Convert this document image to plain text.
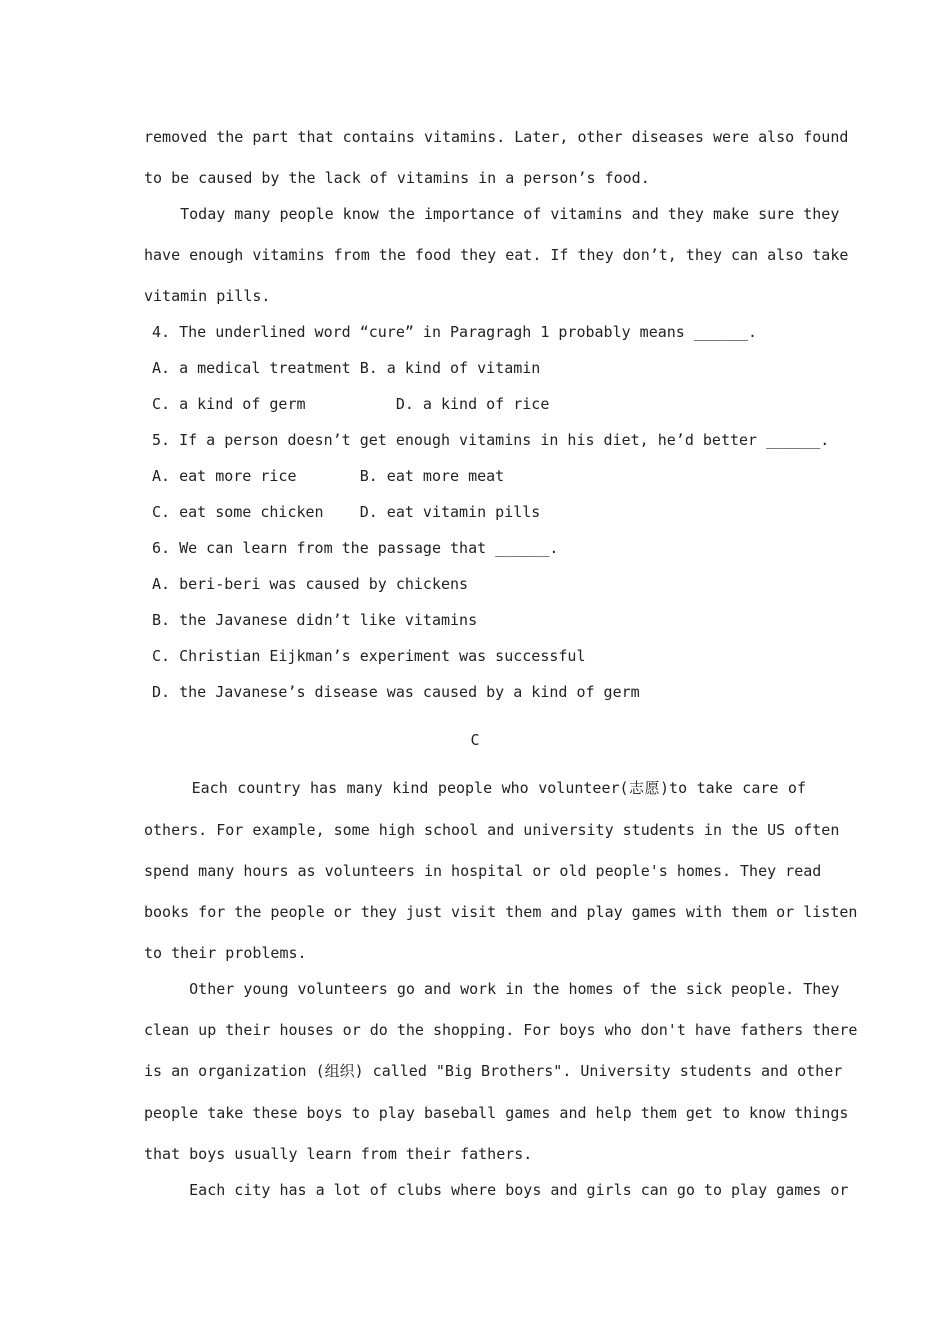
removed the part that contains vitamins. Later, other diseases were also found
to be caused by the lack of vitamins in a person’s food.
Today many people know the importance of vitamins and they make sure they
have enough vitamins from the food they eat. If they don’t, they can also take
vitamin pills.
4. The underlined word “cure” in Paragragh 1 probably means ______.
A. a medical treatment B. a kind of vitamin
C. a kind of germ          D. a kind of rice
5. If a person doesn’t get enough vitamins in his diet, he’d better ______.
A. eat more rice       B. eat more meat
C. eat some chicken    D. eat vitamin pills
6. We can learn from the passage that ______.
A. beri-beri was caused by chickens
B. the Javanese didn’t like vitamins
C. Christian Eijkman’s experiment was successful
D. the Javanese’s disease was caused by a kind of germ
C
Each country has many kind people who volunteer(志愿)to take care of
others. For example, some high school and university students in the US often
spend many hours as volunteers in hospital or old people's homes. They read
books for the people or they just visit them and play games with them or listen
to their problems.
Other young volunteers go and work in the homes of the sick people. They
clean up their houses or do the shopping. For boys who don't have fathers there
is an organization (组织) called "Big Brothers". University students and other
people take these boys to play baseball games and help them get to know things
that boys usually learn from their fathers.
Each city has a lot of clubs where boys and girls can go to play games or
